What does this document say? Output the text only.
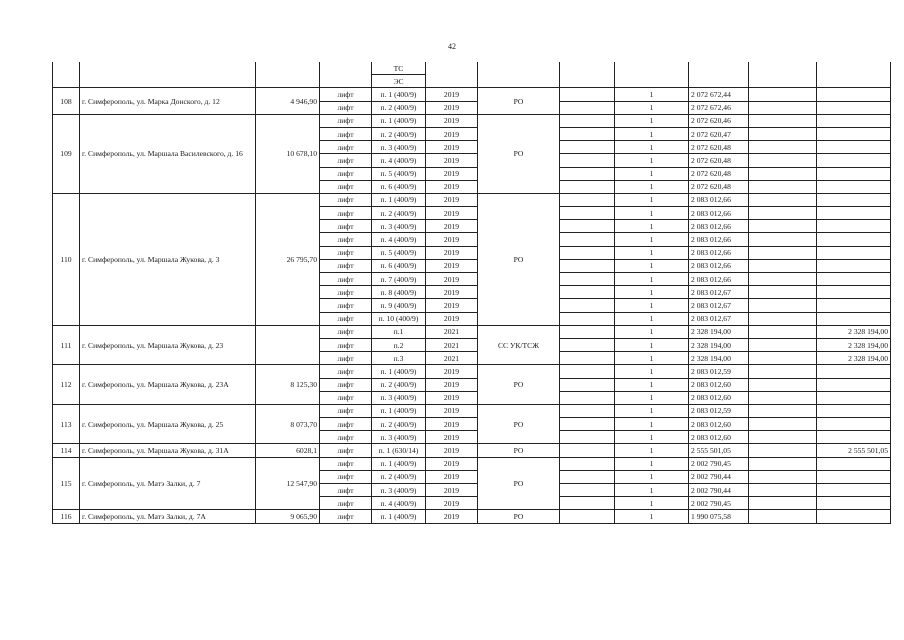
42
				ТС								
				ЭС								
108	г. Симферополь, ул. Марка Донского, д. 12	4 946,90	лифт	п. 1 (400/9)	2019	РО		1	2 072 672,44			
			лифт	п. 2 (400/9)	2019			1	2 072 672,46			
109	г. Симферополь, ул. Маршала Василевского, д. 16	10 678,10	лифт	п. 1 (400/9)	2019	РО		1	2 072 620,46			
			лифт	п. 2 (400/9)	2019			1	2 072 620,47			
			лифт	п. 3 (400/9)	2019			1	2 072 620,48			
			лифт	п. 4 (400/9)	2019			1	2 072 620,48			
			лифт	п. 5 (400/9)	2019			1	2 072 620,48			
			лифт	п. 6 (400/9)	2019			1	2 072 620,48			
110	г. Симферополь, ул. Маршала Жукова, д. 3	26 795,70	лифт	п. 1 (400/9)	2019	РО		1	2 083 012,66			
			лифт	п. 2 (400/9)	2019			1	2 083 012,66			
			лифт	п. 3 (400/9)	2019			1	2 083 012,66			
			лифт	п. 4 (400/9)	2019			1	2 083 012,66			
			лифт	п. 5 (400/9)	2019			1	2 083 012,66			
			лифт	п. 6 (400/9)	2019			1	2 083 012,66			
			лифт	п. 7 (400/9)	2019			1	2 083 012,66			
			лифт	п. 8 (400/9)	2019			1	2 083 012,67			
			лифт	п. 9 (400/9)	2019			1	2 083 012,67			
			лифт	п. 10 (400/9)	2019			1	2 083 012,67			
111	г. Симферополь, ул. Маршала Жукова, д. 23		лифт	п.1	2021	СС УК/ТСЖ		1	2 328 194,00		2 328 194,00	
			лифт	п.2	2021			1	2 328 194,00		2 328 194,00	
			лифт	п.3	2021			1	2 328 194,00		2 328 194,00	
112	г. Симферополь, ул. Маршала Жукова, д. 23А	8 125,30	лифт	п. 1 (400/9)	2019	РО		1	2 083 012,59			
			лифт	п. 2 (400/9)	2019			1	2 083 012,60			
			лифт	п. 3 (400/9)	2019			1	2 083 012,60			
113	г. Симферополь, ул. Маршала Жукова, д. 25	8 073,70	лифт	п. 1 (400/9)	2019	РО		1	2 083 012,59			
			лифт	п. 2 (400/9)	2019			1	2 083 012,60			
			лифт	п. 3 (400/9)	2019			1	2 083 012,60			
114	г. Симферополь, ул. Маршала Жукова, д. 31А	6028,1	лифт	п. 1 (630/14)	2019	РО		1	2 555 501,05		2 555 501,05	
115	г. Симферополь, ул. Матэ Залки, д. 7	12 547,90	лифт	п. 1 (400/9)	2019	РО		1	2 002 790,45			
			лифт	п. 2 (400/9)	2019			1	2 002 790,44			
			лифт	п. 3 (400/9)	2019			1	2 002 790,44			
			лифт	п. 4 (400/9)	2019			1	2 002 790,45			
116	г. Симферополь, ул. Матэ Залки, д. 7А	9 065,90	лифт	п. 1 (400/9)	2019	РО		1	1 990 075,58			
